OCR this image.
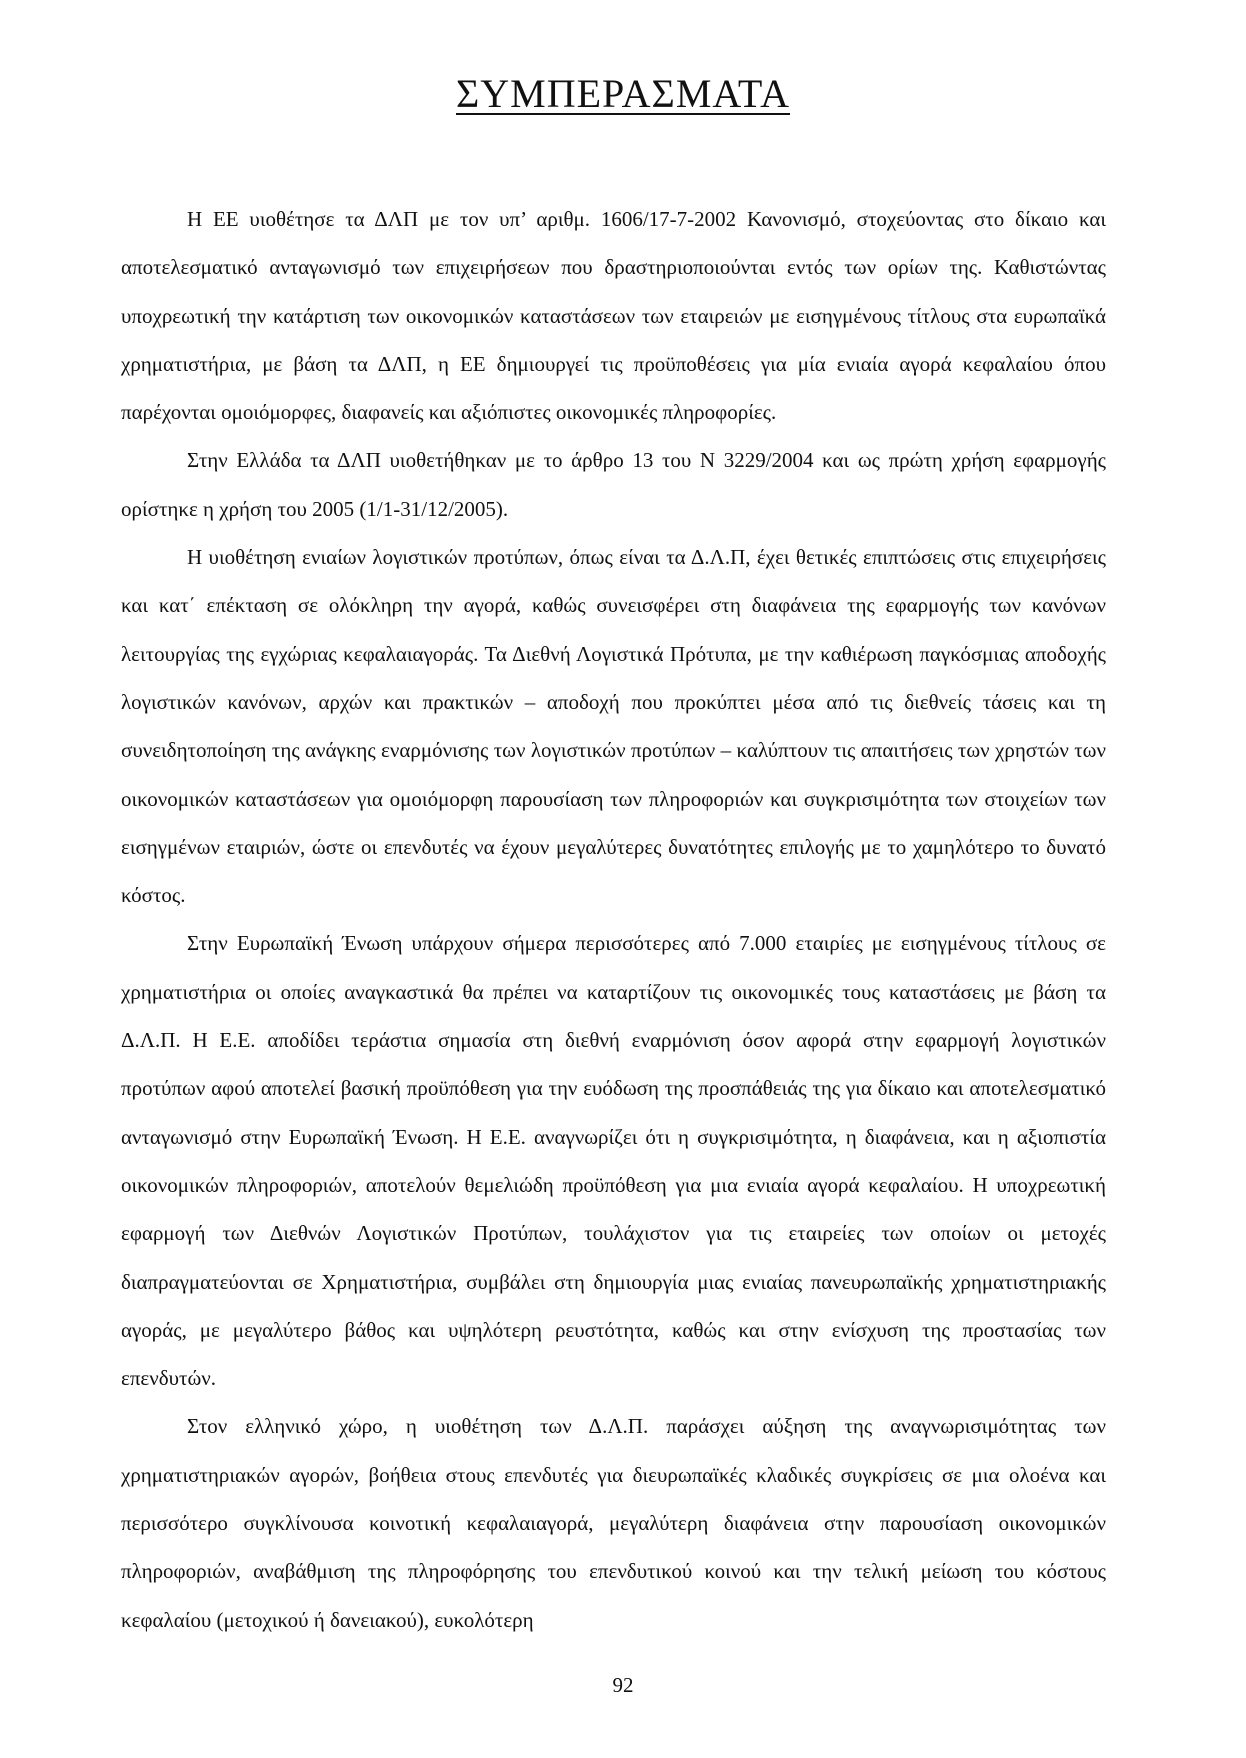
ΣΥΜΠΕΡΑΣΜΑΤΑ

Η ΕΕ υιοθέτησε τα ΔΛΠ με τον υπ’ αριθμ. 1606/17-7-2002 Κανονισμό, στοχεύοντας στο δίκαιο και αποτελεσματικό ανταγωνισμό των επιχειρήσεων που δραστηριοποιούνται εντός των ορίων της. Καθιστώντας υποχρεωτική την κατάρτιση των οικονομικών καταστάσεων των εταιρειών με εισηγμένους τίτλους στα ευρωπαϊκά χρηματιστήρια, με βάση τα ΔΛΠ, η ΕΕ δημιουργεί τις προϋποθέσεις για μία ενιαία αγορά κεφαλαίου όπου παρέχονται ομοιόμορφες, διαφανείς και αξιόπιστες οικονομικές πληροφορίες.

Στην Ελλάδα τα ΔΛΠ υιοθετήθηκαν με το άρθρο 13 του Ν 3229/2004 και ως πρώτη χρήση εφαρμογής ορίστηκε η χρήση του 2005 (1/1-31/12/2005).

Η υιοθέτηση ενιαίων λογιστικών προτύπων, όπως είναι τα Δ.Λ.Π, έχει θετικές επιπτώσεις στις επιχειρήσεις και κατ΄ επέκταση σε ολόκληρη την αγορά, καθώς συνεισφέρει στη διαφάνεια της εφαρμογής των κανόνων λειτουργίας της εγχώριας κεφαλαιαγοράς. Τα Διεθνή Λογιστικά Πρότυπα, με την καθιέρωση παγκόσμιας αποδοχής λογιστικών κανόνων, αρχών και πρακτικών – αποδοχή που προκύπτει μέσα από τις διεθνείς τάσεις και τη συνειδητοποίηση της ανάγκης εναρμόνισης των λογιστικών προτύπων – καλύπτουν τις απαιτήσεις των χρηστών των οικονομικών καταστάσεων για ομοιόμορφη παρουσίαση των πληροφοριών και συγκρισιμότητα των στοιχείων των εισηγμένων εταιριών, ώστε οι επενδυτές να έχουν μεγαλύτερες δυνατότητες επιλογής με το χαμηλότερο το δυνατό κόστος.

Στην Ευρωπαϊκή Ένωση υπάρχουν σήμερα περισσότερες από 7.000 εταιρίες με εισηγμένους τίτλους σε χρηματιστήρια οι οποίες αναγκαστικά θα πρέπει να καταρτίζουν τις οικονομικές τους καταστάσεις με βάση τα Δ.Λ.Π. Η Ε.Ε. αποδίδει τεράστια σημασία στη διεθνή εναρμόνιση όσον αφορά στην εφαρμογή λογιστικών προτύπων αφού αποτελεί βασική προϋπόθεση για την ευόδωση της προσπάθειάς της για δίκαιο και αποτελεσματικό ανταγωνισμό στην Ευρωπαϊκή Ένωση. Η Ε.Ε. αναγνωρίζει ότι η συγκρισιμότητα, η διαφάνεια, και η αξιοπιστία οικονομικών πληροφοριών, αποτελούν θεμελιώδη προϋπόθεση για μια ενιαία αγορά κεφαλαίου. Η υποχρεωτική εφαρμογή των Διεθνών Λογιστικών Προτύπων, τουλάχιστον για τις εταιρείες των οποίων οι μετοχές διαπραγματεύονται σε Χρηματιστήρια, συμβάλει στη δημιουργία μιας ενιαίας πανευρωπαϊκής χρηματιστηριακής αγοράς, με μεγαλύτερο βάθος και υψηλότερη ρευστότητα, καθώς και στην ενίσχυση της προστασίας των επενδυτών.

Στον ελληνικό χώρο, η υιοθέτηση των Δ.Λ.Π. παράσχει αύξηση της αναγνωρισιμότητας των χρηματιστηριακών αγορών, βοήθεια στους επενδυτές για διευρωπαϊκές κλαδικές συγκρίσεις σε μια ολοένα και περισσότερο συγκλίνουσα κοινοτική κεφαλαιαγορά, μεγαλύτερη διαφάνεια στην παρουσίαση οικονομικών πληροφοριών, αναβάθμιση της πληροφόρησης του επενδυτικού κοινού και την τελική μείωση του κόστους κεφαλαίου (μετοχικού ή δανειακού), ευκολότερη

92
